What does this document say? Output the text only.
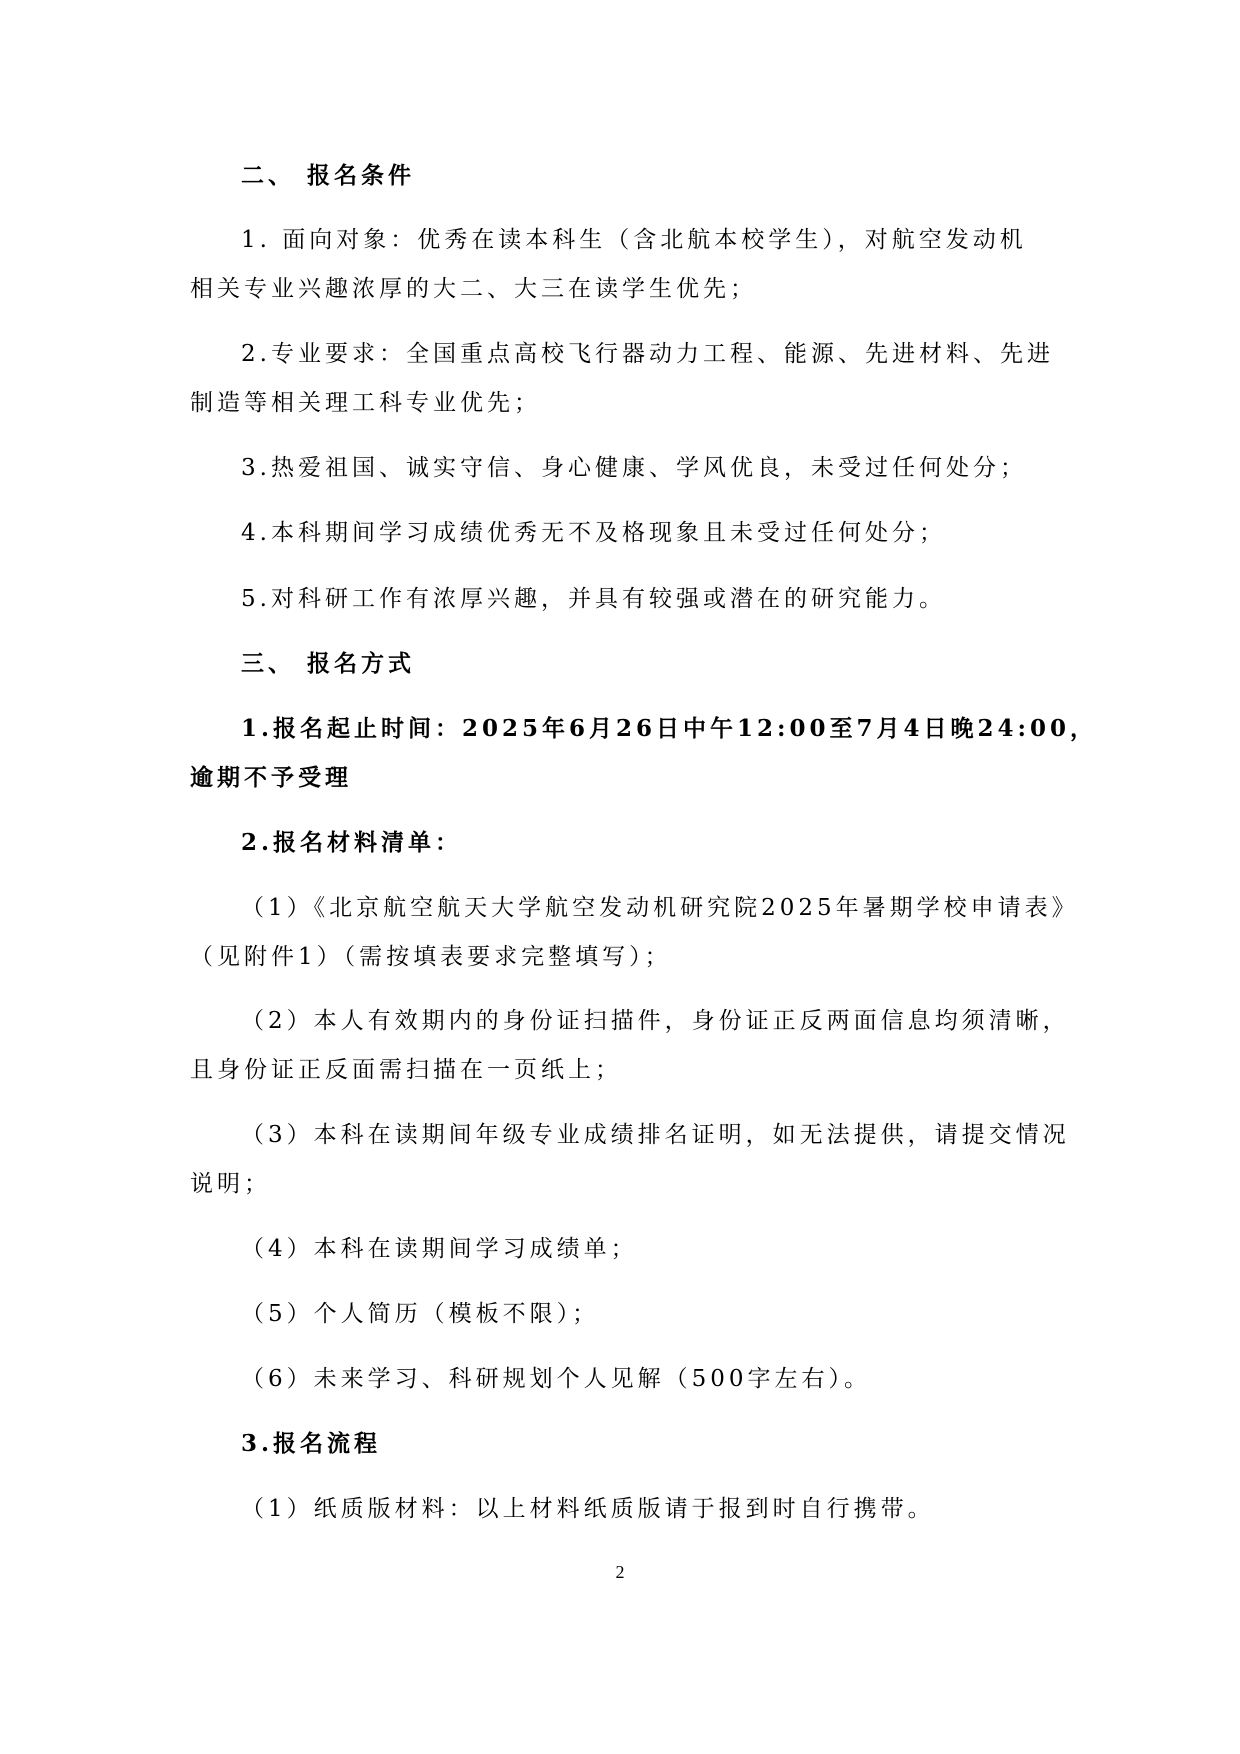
二、 报名条件
1. 面向对象：优秀在读本科生（含北航本校学生），对航空发动机
相关专业兴趣浓厚的大二、大三在读学生优先；
2.专业要求：全国重点高校飞行器动力工程、能源、先进材料、先进
制造等相关理工科专业优先；
3.热爱祖国、诚实守信、身心健康、学风优良，未受过任何处分；
4.本科期间学习成绩优秀无不及格现象且未受过任何处分；
5.对科研工作有浓厚兴趣，并具有较强或潜在的研究能力。
三、 报名方式
1.报名起止时间：2025年6月26日中午12:00至7月4日晚24:00，
逾期不予受理
2.报名材料清单：
（1）《北京航空航天大学航空发动机研究院2025年暑期学校申请表》
（见附件1）（需按填表要求完整填写）；
（2）本人有效期内的身份证扫描件，身份证正反两面信息均须清晰，
且身份证正反面需扫描在一页纸上；
（3）本科在读期间年级专业成绩排名证明，如无法提供，请提交情况
说明；
（4）本科在读期间学习成绩单；
（5）个人简历（模板不限）；
（6）未来学习、科研规划个人见解（500字左右）。
3.报名流程
（1）纸质版材料：以上材料纸质版请于报到时自行携带。
2
